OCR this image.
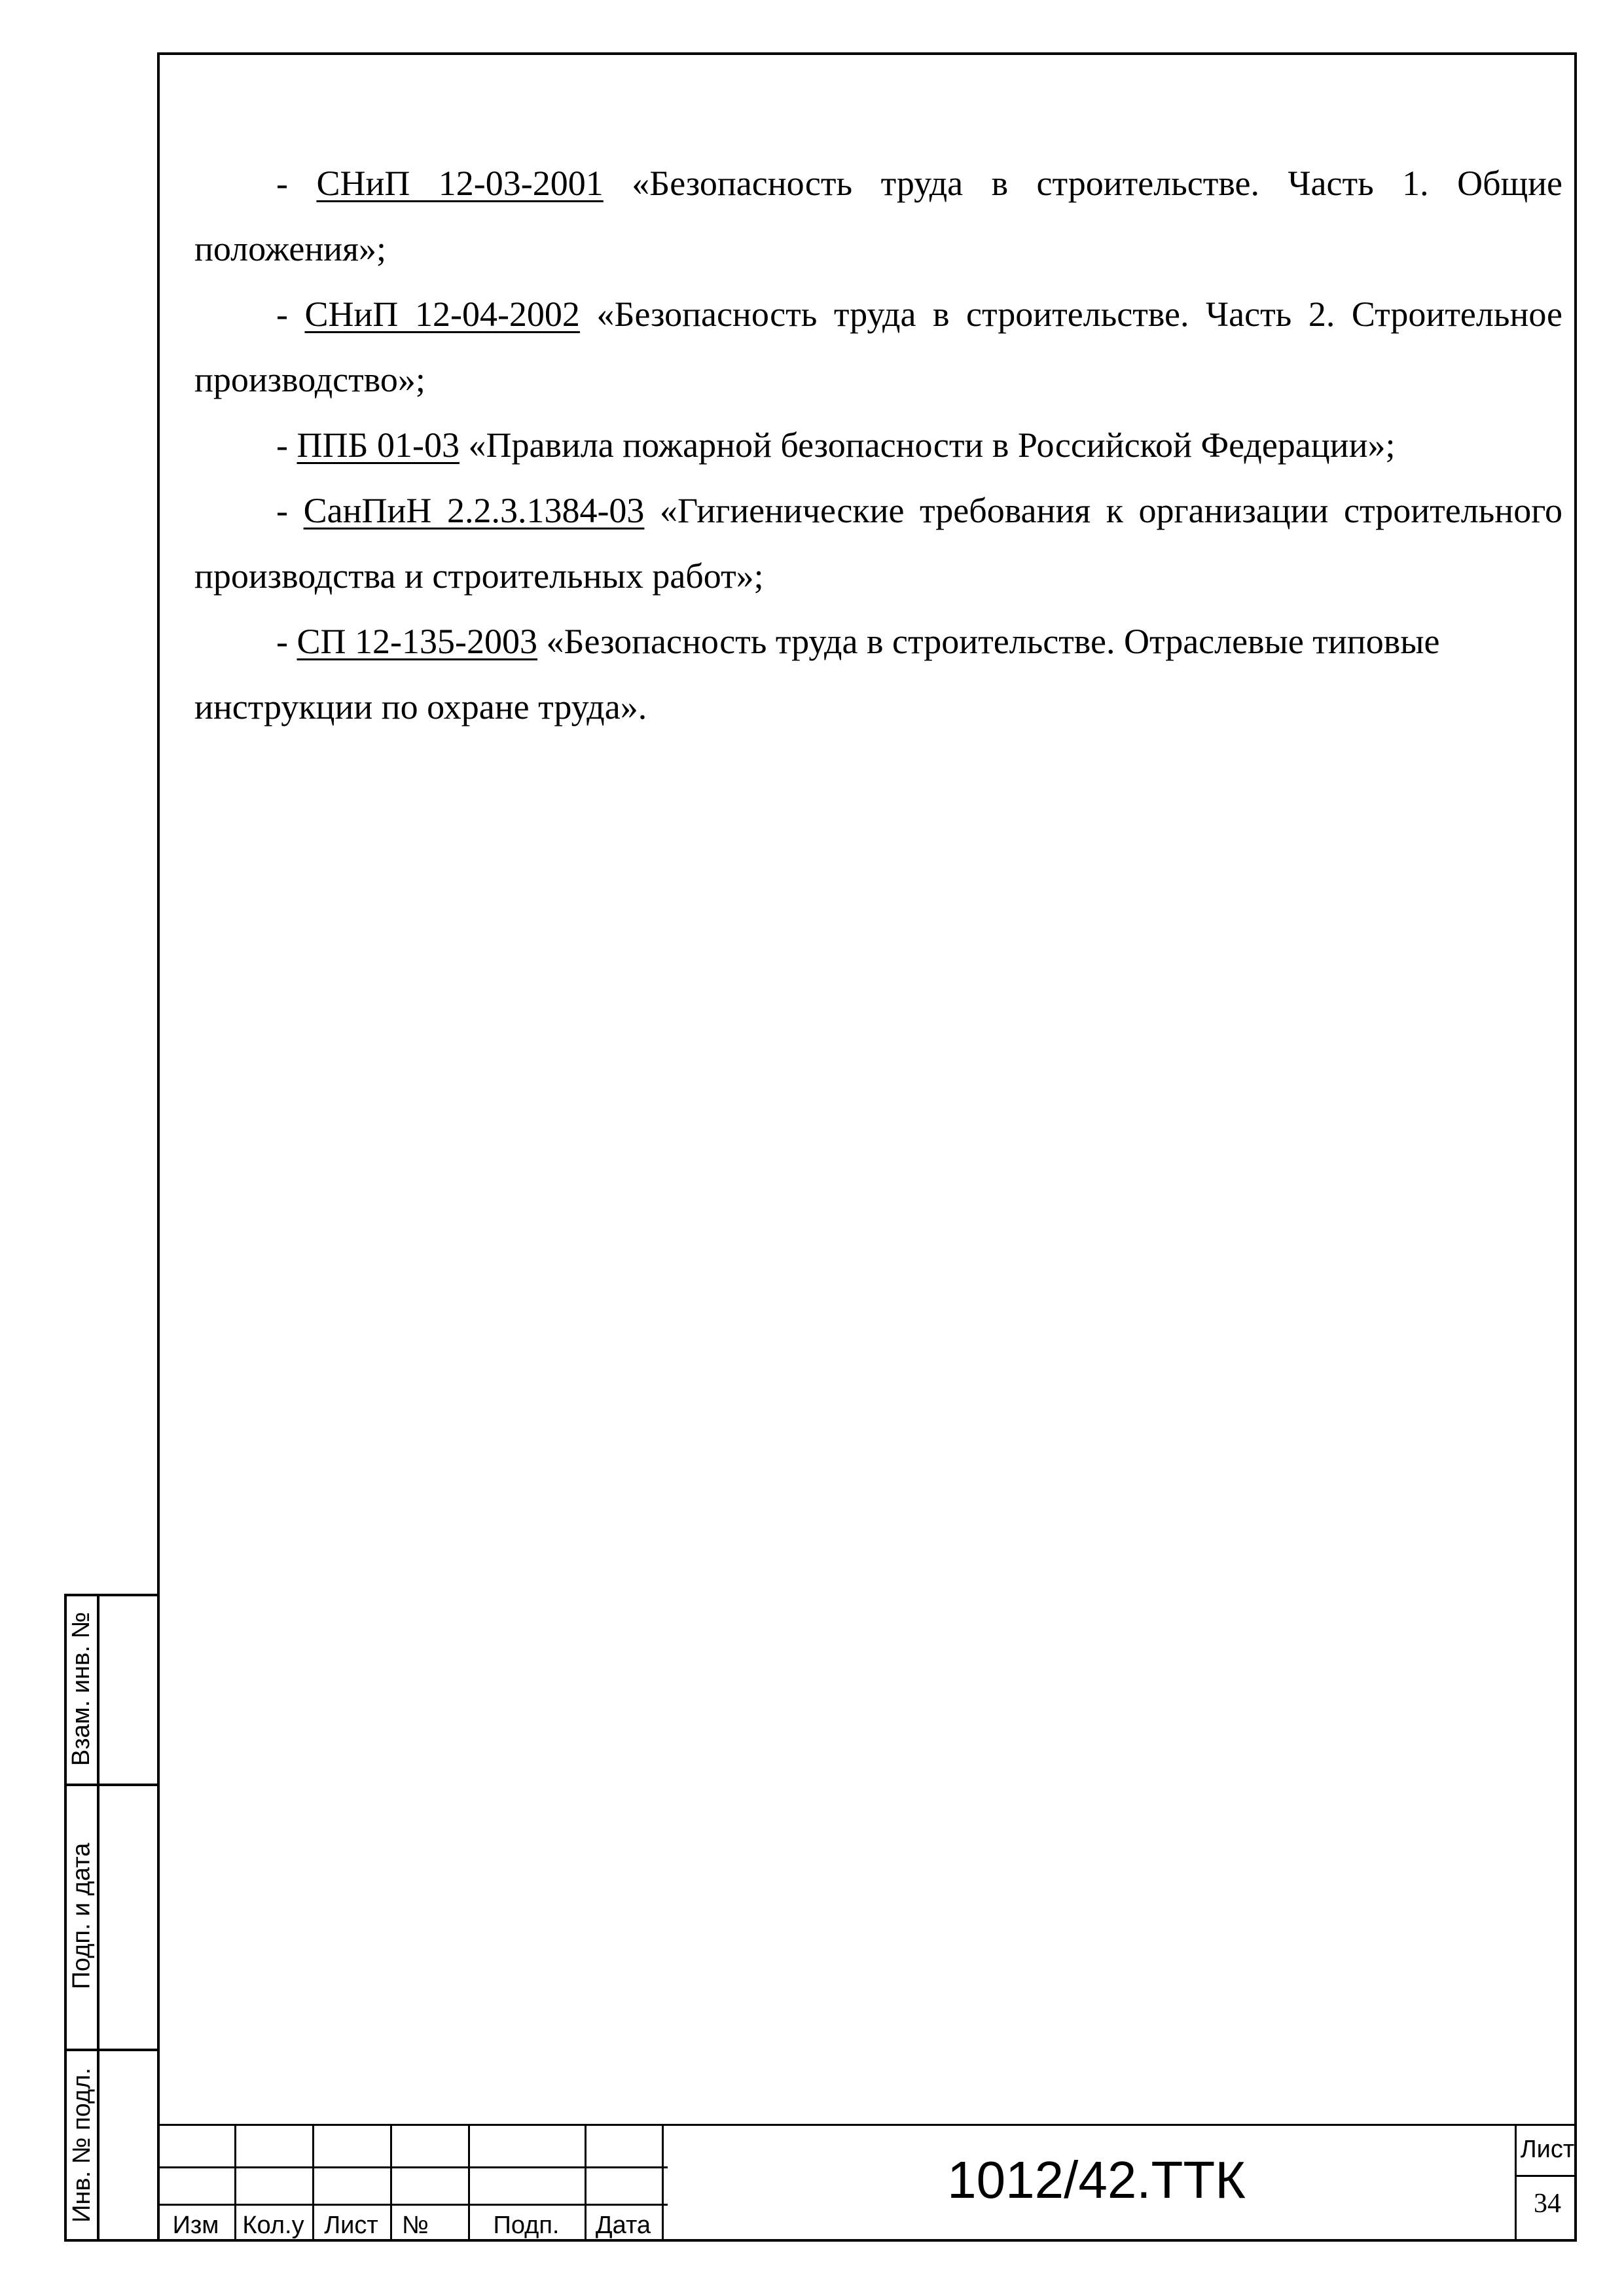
- СНиП 12-03-2001 «Безопасность труда в строительстве. Часть 1. Общие положения»;

- СНиП 12-04-2002 «Безопасность труда в строительстве. Часть 2. Строительное производство»;

- ППБ 01-03 «Правила пожарной безопасности в Российской Федерации»;

- СанПиН 2.2.3.1384-03 «Гигиенические требования к организации строительного производства и строительных работ»;

- СП 12-135-2003 «Безопасность труда в строительстве. Отраслевые типовые инструкции по охране труда».

Взам. инв. №
Подп. и дата
Инв. № подл.
Изм Кол.у Лист №	Подп.	Дата
1012/42.ТТК
Лист
34
